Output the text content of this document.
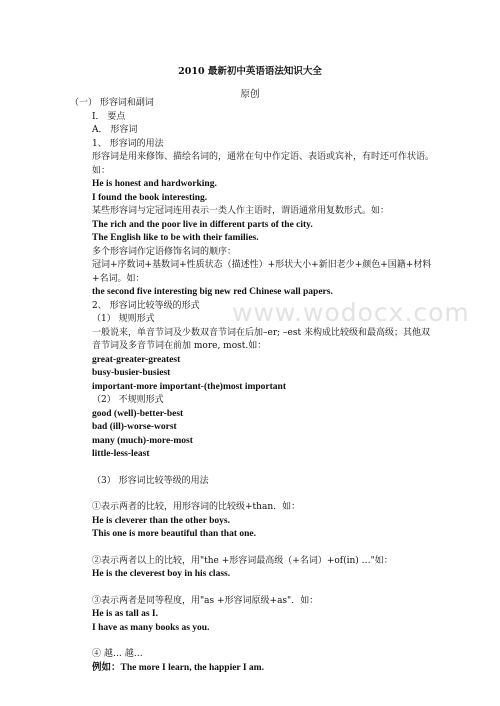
2010 最新初中英语语法知识大全
原创
（一） 形容词和副词
I． 要点
A． 形容词
1、 形容词的用法
形容词是用来修饰、描绘名词的，通常在句中作定语、表语或宾补，有时还可作状语。如：
He is honest and hardworking.
I found the book interesting.
某些形容词与定冠词连用表示一类人作主语时，谓语通常用复数形式。如：
The rich and the poor live in different parts of the city.
The English like to be with their families.
多个形容词作定语修饰名词的顺序：
冠词+序数词+基数词+性质状态（描述性）+形状大小+新旧老少+颜色+国籍+材料+名词。如：
the second five interesting big new red Chinese wall papers.
2、 形容词比较等级的形式
（1） 规则形式
一般说来，单音节词及少数双音节词在后加–er; –est 来构成比较级和最高级；其他双音节词及多音节词在前加 more, most.如：
great-greater-greatest
busy-busier-busiest
important-more important-(the)most important
（2） 不规则形式
good (well)-better-best
bad (ill)-worse-worst
many (much)-more-most
little-less-least
（3） 形容词比较等级的用法
①表示两者的比较，用形容词的比较级+than．如：
He is cleverer than the other boys.
This one is more beautiful than that one.
②表示两者以上的比较，用"the +形容词最高级（+名词）+of(in) …"如：
He is the cleverest boy in his class.
③表示两者是同等程度，用"as +形容词原级+as"．如：
He is as tall as I.
I have as many books as you.
④ 越… 越…
例如：The more I learn, the happier I am.
www.wodocx.com
